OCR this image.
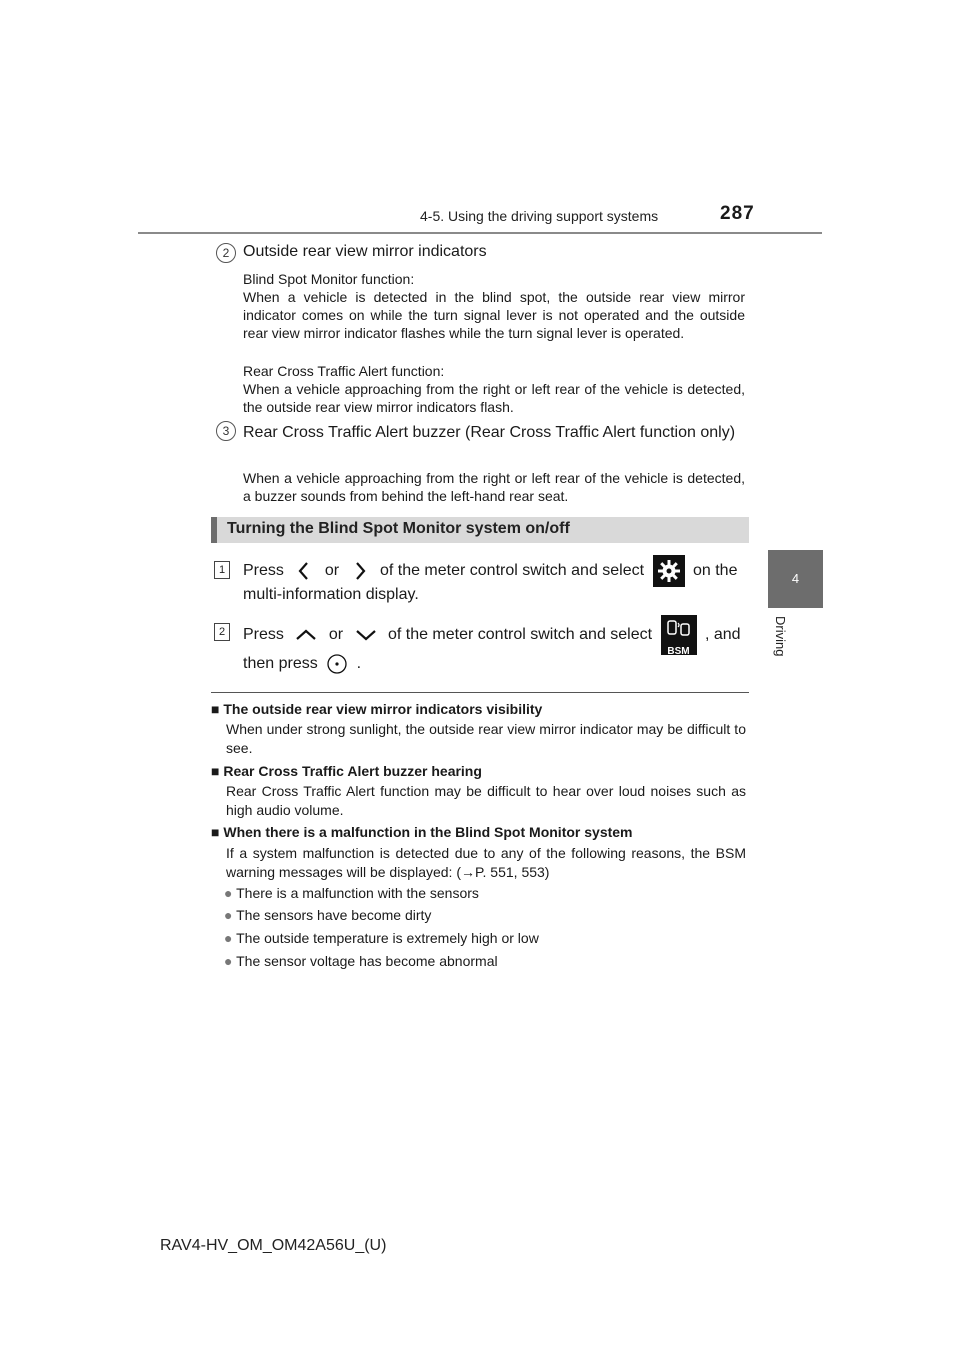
4-5. Using the driving support systems	287
4
Driving
2 Outside rear view mirror indicators
Blind Spot Monitor function:
When a vehicle is detected in the blind spot, the outside rear view mirror indicator comes on while the turn signal lever is not operated and the outside rear view mirror indicator flashes while the turn signal lever is operated.
Rear Cross Traffic Alert function:
When a vehicle approaching from the right or left rear of the vehicle is detected, the outside rear view mirror indicators flash.
3 Rear Cross Traffic Alert buzzer (Rear Cross Traffic Alert function only)
When a vehicle approaching from the right or left rear of the vehicle is detected, a buzzer sounds from behind the left-hand rear seat.
Turning the Blind Spot Monitor system on/off
1	Press	or	of the meter control switch and select	on the
multi-information display.
2	Press	or	of the meter control switch and select
BSM
, and
then press .
■ The outside rear view mirror indicators visibility
When under strong sunlight, the outside rear view mirror indicator may be difficult to see.
■ Rear Cross Traffic Alert buzzer hearing
Rear Cross Traffic Alert function may be difficult to hear over loud noises such as high audio volume.
■ When there is a malfunction in the Blind Spot Monitor system
If a system malfunction is detected due to any of the following reasons, the BSM warning messages will be displayed: (→P. 551, 553)
● There is a malfunction with the sensors
● The sensors have become dirty
● The outside temperature is extremely high or low
● The sensor voltage has become abnormal
RAV4-HV_OM_OM42A56U_(U)
